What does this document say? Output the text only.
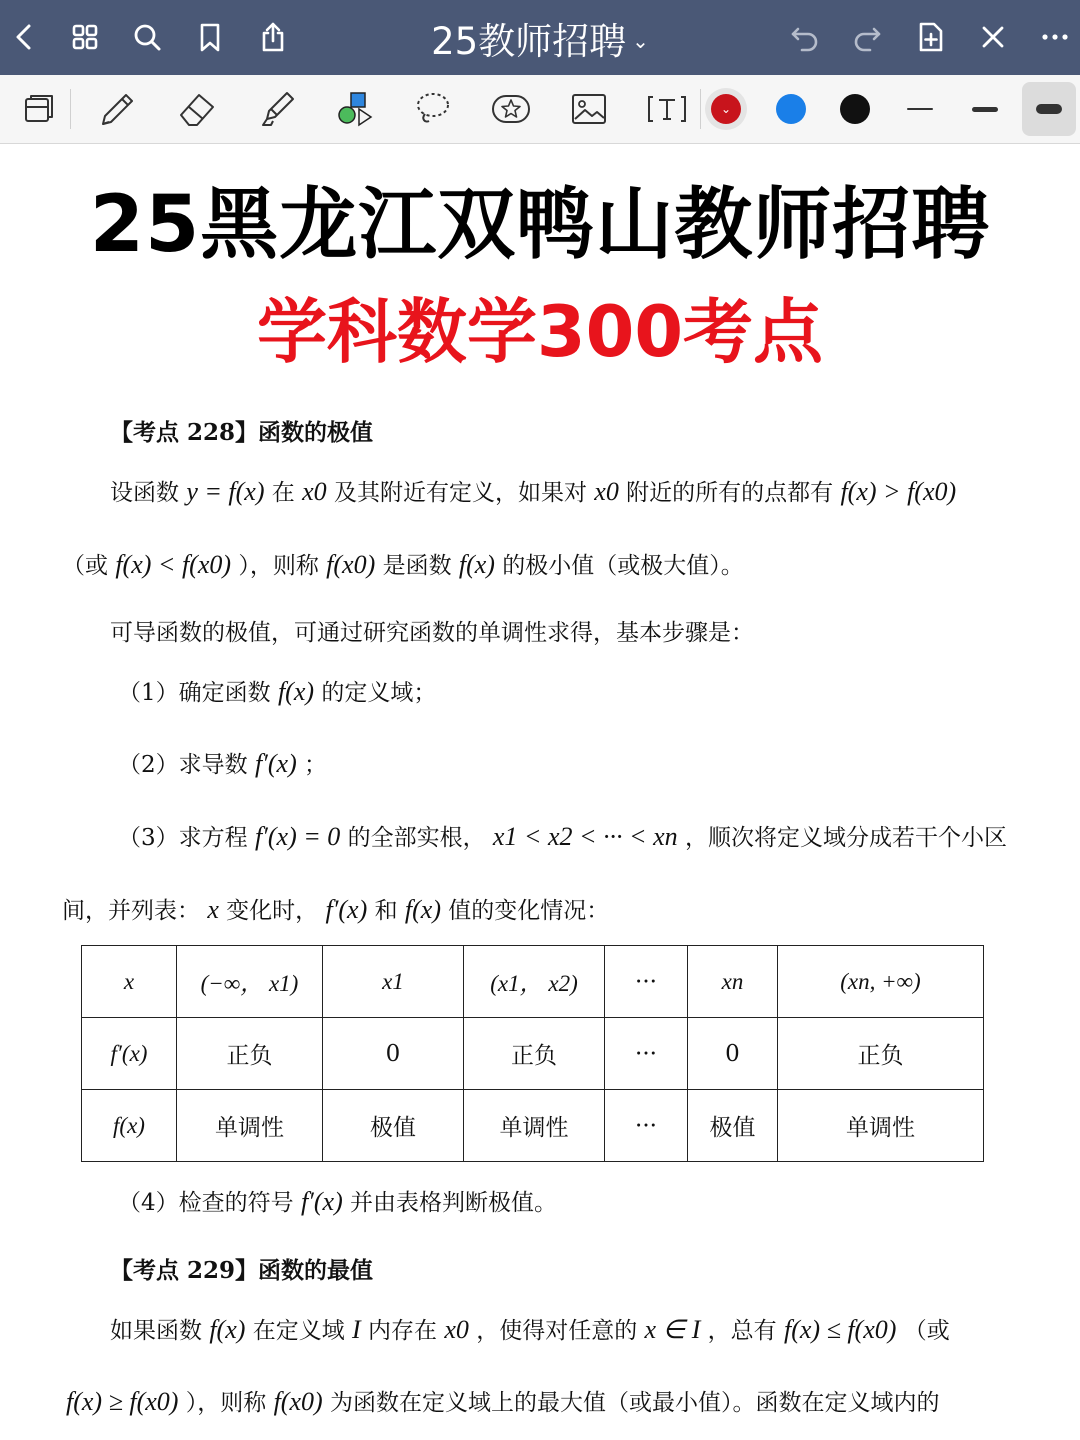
25教师招聘 ⌄
⌄
25黑龙江双鸭山教师招聘
学科数学300考点
【考点 228】函数的极值
设函数 y = f(x) 在 x0 及其附近有定义，如果对 x0 附近的所有的点都有 f(x) > f(x0)
（或 f(x) < f(x0) ），则称 f(x0) 是函数 f(x) 的极小值（或极大值）。
可导函数的极值，可通过研究函数的单调性求得，基本步骤是：
（1）确定函数 f(x) 的定义域；
（2）求导数 f′(x) ；
（3）求方程 f′(x) = 0 的全部实根， x1 < x2 < ··· < xn ，顺次将定义域分成若干个小区
间，并列表： x 变化时， f′(x) 和 f(x) 值的变化情况：
x	(−∞， x1)	x1	(x1， x2)	···	xn	(xn, +∞)
f′(x)	正负	0	正负	···	0	正负
f(x)	单调性	极值	单调性	···	极值	单调性
（4）检查的符号 f′(x) 并由表格判断极值。
【考点 229】函数的最值
如果函数 f(x) 在定义域 I 内存在 x0 ，使得对任意的 x ∈ I ，总有 f(x) ≤ f(x0) （或
f(x) ≥ f(x0) ），则称 f(x0) 为函数在定义域上的最大值（或最小值）。函数在定义域内的
